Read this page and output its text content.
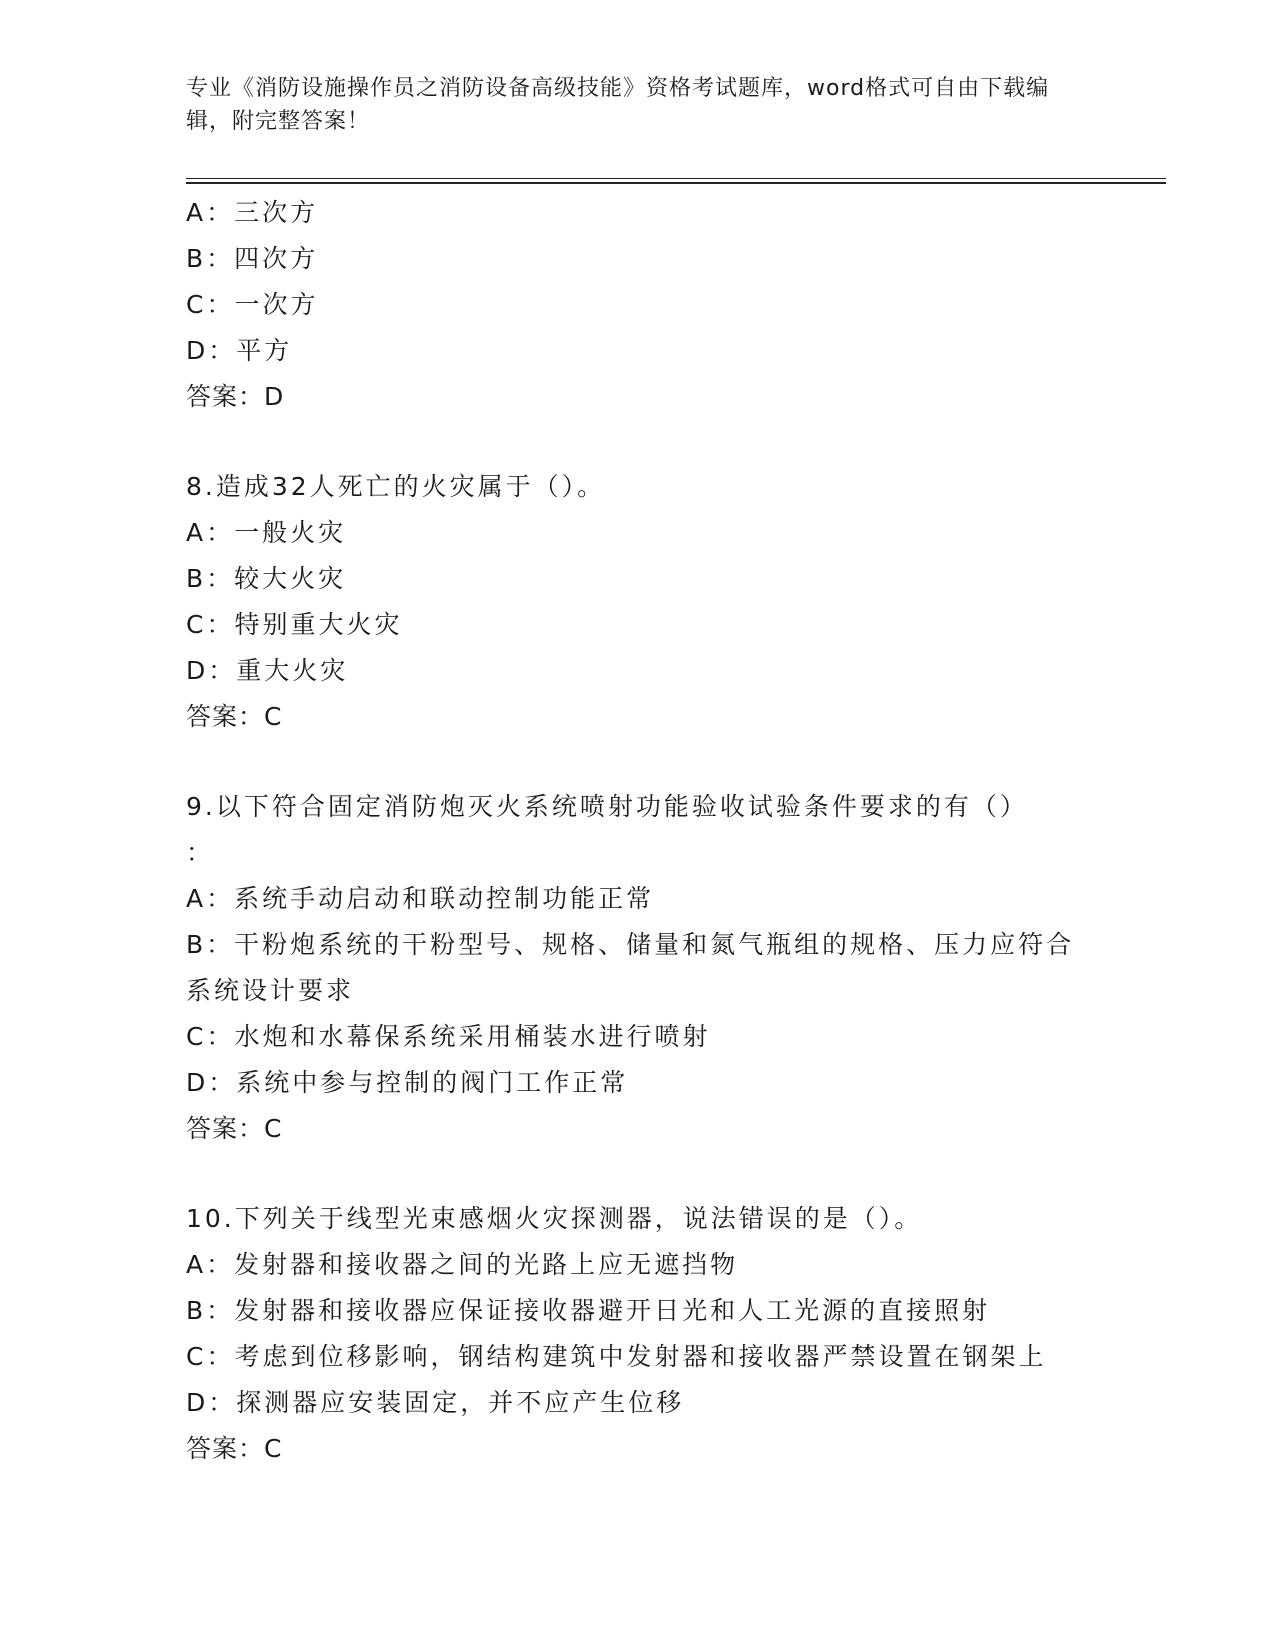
专业《消防设施操作员之消防设备高级技能》资格考试题库，word格式可自由下载编辑，附完整答案！
A：三次方
B：四次方
C：一次方
D：平方
答案：D
8.造成32人死亡的火灾属于（）。
A：一般火灾
B：较大火灾
C：特别重大火灾
D：重大火灾
答案：C
9.以下符合固定消防炮灭火系统喷射功能验收试验条件要求的有（）
：
A：系统手动启动和联动控制功能正常
B：干粉炮系统的干粉型号、规格、储量和氮气瓶组的规格、压力应符合系统设计要求
C：水炮和水幕保系统采用桶装水进行喷射
D：系统中参与控制的阀门工作正常
答案：C
10.下列关于线型光束感烟火灾探测器，说法错误的是（）。
A：发射器和接收器之间的光路上应无遮挡物
B：发射器和接收器应保证接收器避开日光和人工光源的直接照射
C：考虑到位移影响，钢结构建筑中发射器和接收器严禁设置在钢架上
D：探测器应安装固定，并不应产生位移
答案：C
